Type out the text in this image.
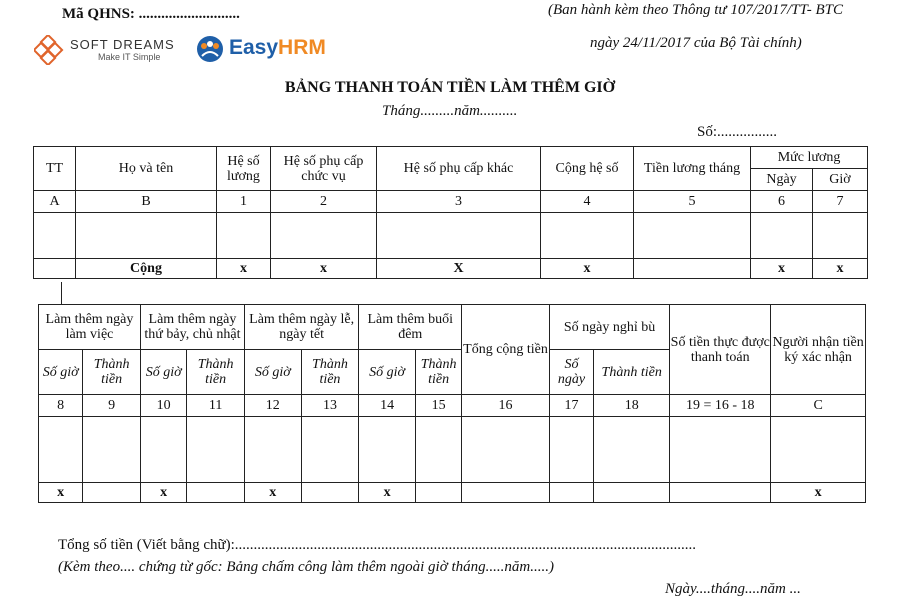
Mã QHNS: ...........................	(Ban hành kèm theo Thông tư 107/2017/TT- BTC
ngày 24/11/2017 của Bộ Tài chính)
SOFT DREAMS
Make IT Simple	EasyHRM
BẢNG THANH TOÁN TIỀN LÀM THÊM GIỜ
Tháng.........năm..........
Số:................
TT	Họ và tên	Hệ số lương	Hệ số phụ cấp chức vụ	Hệ số phụ cấp khác	Cộng hệ số	Tiền lương tháng	Mức lương	
							Ngày	Giờ
A	B	1	2	3	4	5	6	7

	Cộng	x	x	X	x		x	x
Làm thêm ngày làm việc		Làm thêm ngày thứ bảy, chủ nhật		Làm thêm ngày lễ, ngày tết		Làm thêm buổi đêm		Tổng cộng tiền	Số ngày nghỉ bù		Số tiền thực được thanh toán	Người nhận tiền ký xác nhận
Số giờ	Thành tiền	Số giờ	Thành tiền	Số giờ	Thành tiền	Số giờ	Thành tiền		Số ngày	Thành tiền		
8	9	10	11	12	13	14	15	16	17	18	19 = 16 - 18	C

x		x		x		x						x
Tổng số tiền (Viết bằng chữ):...........................................................................................................................
(Kèm theo.... chứng từ gốc: Bảng chấm công làm thêm ngoài giờ tháng.....năm.....)
Ngày....tháng....năm ...
